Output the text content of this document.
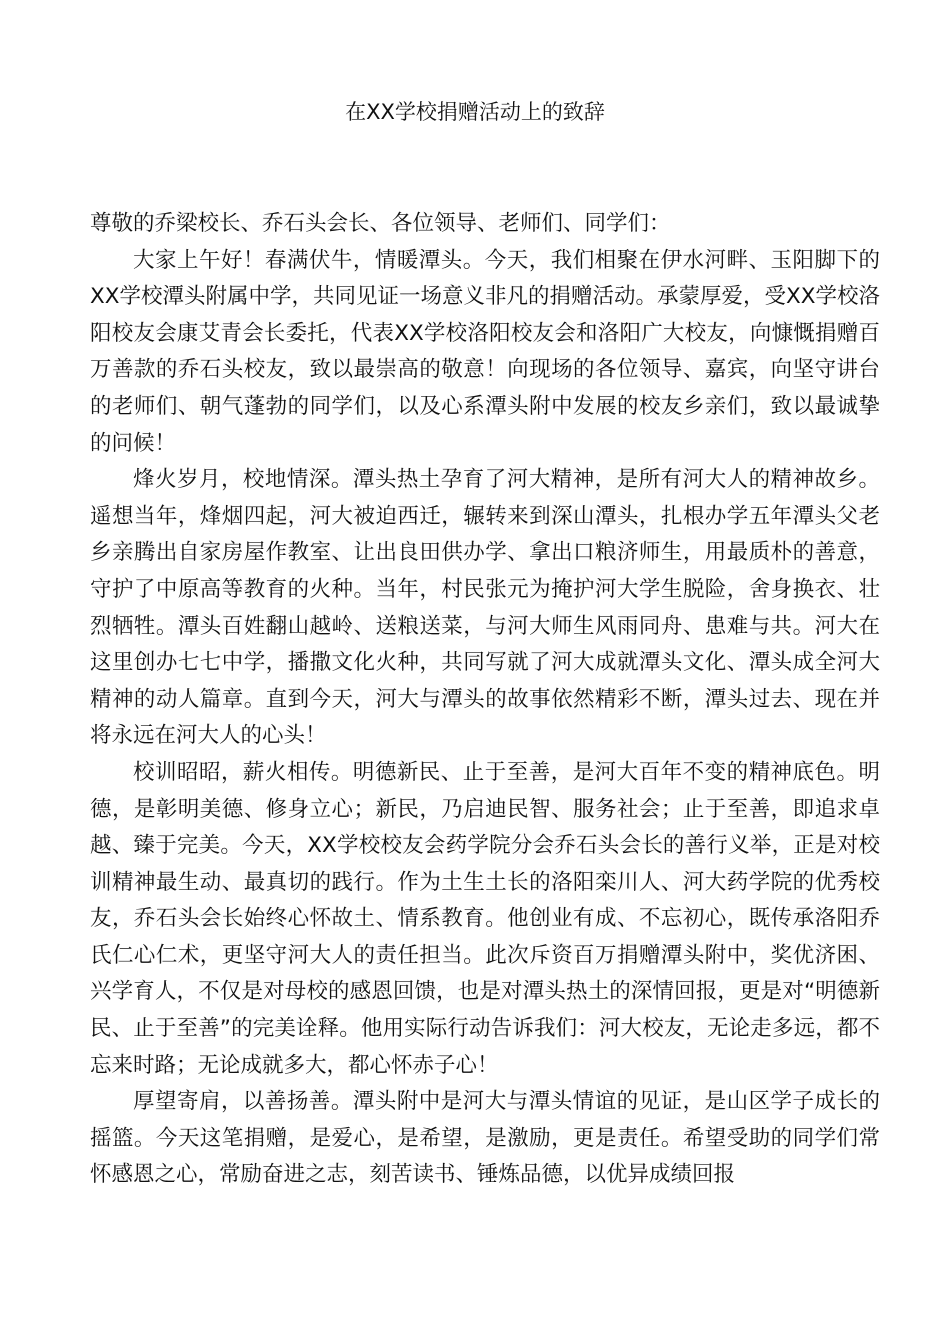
在XX学校捐赠活动上的致辞

尊敬的乔梁校长、乔石头会长、各位领导、老师们、同学们：

大家上午好！春满伏牛，情暖潭头。今天，我们相聚在伊水河畔、玉阳脚下的XX学校潭头附属中学，共同见证一场意义非凡的捐赠活动。承蒙厚爱，受XX学校洛阳校友会康艾青会长委托，代表XX学校洛阳校友会和洛阳广大校友，向慷慨捐赠百万善款的乔石头校友，致以最崇高的敬意！向现场的各位领导、嘉宾，向坚守讲台的老师们、朝气蓬勃的同学们，以及心系潭头附中发展的校友乡亲们，致以最诚挚的问候！

烽火岁月，校地情深。潭头热土孕育了河大精神，是所有河大人的精神故乡。遥想当年，烽烟四起，河大被迫西迁，辗转来到深山潭头，扎根办学五年潭头父老乡亲腾出自家房屋作教室、让出良田供办学、拿出口粮济师生，用最质朴的善意，守护了中原高等教育的火种。当年，村民张元为掩护河大学生脱险，舍身换衣、壮烈牺牲。潭头百姓翻山越岭、送粮送菜，与河大师生风雨同舟、患难与共。河大在这里创办七七中学，播撒文化火种，共同写就了河大成就潭头文化、潭头成全河大精神的动人篇章。直到今天，河大与潭头的故事依然精彩不断，潭头过去、现在并将永远在河大人的心头！

校训昭昭，薪火相传。明德新民、止于至善，是河大百年不变的精神底色。明德，是彰明美德、修身立心；新民，乃启迪民智、服务社会；止于至善，即追求卓越、臻于完美。今天，XX学校校友会药学院分会乔石头会长的善行义举，正是对校训精神最生动、最真切的践行。作为土生土长的洛阳栾川人、河大药学院的优秀校友，乔石头会长始终心怀故土、情系教育。他创业有成、不忘初心，既传承洛阳乔氏仁心仁术，更坚守河大人的责任担当。此次斥资百万捐赠潭头附中，奖优济困、兴学育人，不仅是对母校的感恩回馈，也是对潭头热土的深情回报，更是对“明德新民、止于至善”的完美诠释。他用实际行动告诉我们：河大校友，无论走多远，都不忘来时路；无论成就多大，都心怀赤子心！

厚望寄肩，以善扬善。潭头附中是河大与潭头情谊的见证，是山区学子成长的摇篮。今天这笔捐赠，是爱心，是希望，是激励，更是责任。希望受助的同学们常怀感恩之心，常励奋进之志，刻苦读书、锤炼品德，以优异成绩回报
